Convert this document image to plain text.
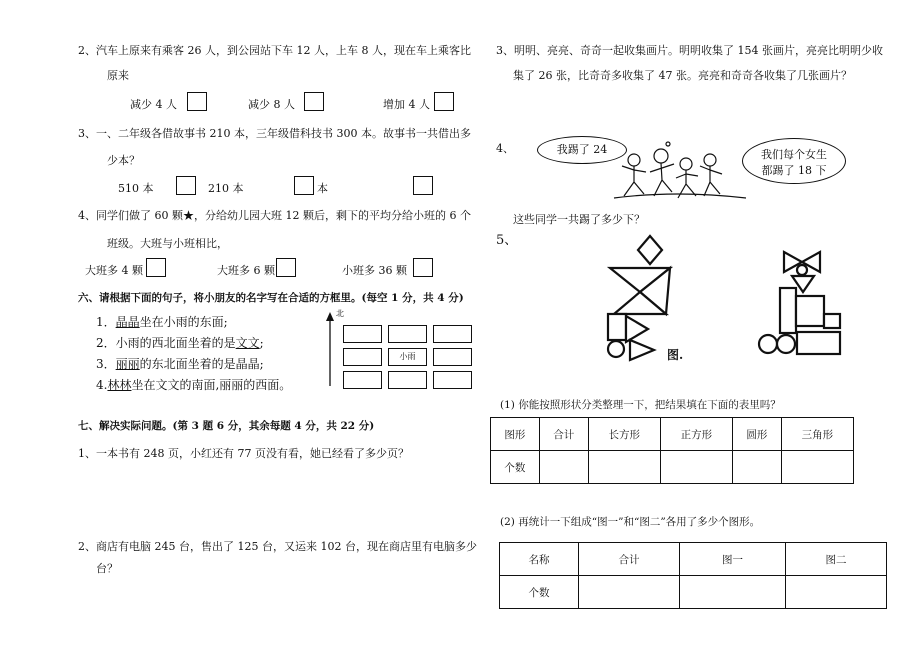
2、汽车上原来有乘客 26 人，到公园站下车 12 人，上车 8 人，现在车上乘客比
原来
减少 4 人	减少 8 人	增加 4 人
3、一、二年级各借故事书 210 本，三年级借科技书 300 本。故事书一共借出多
少本？
510 本	210 本	本
4、同学们做了 60 颗★，分给幼儿园大班 12 颗后，剩下的平均分给小班的 6 个
班级。大班与小班相比，
大班多 4 颗	大班多 6 颗	小班多 36 颗
六、请根据下面的句子，将小朋友的名字写在合适的方框里。(每空 1 分，共 4 分)
1．晶晶坐在小雨的东面;
2．小雨的西北面坐着的是文文;
3．丽丽的东北面坐着的是晶晶;
4.林林坐在文文的南面,丽丽的西面。
北
小雨
七、解决实际问题。(第 3 题 6 分，其余每题 4 分，共 22 分)
1、一本书有 248 页，小红还有 77 页没有看，她已经看了多少页？
2、商店有电脑 245 台，售出了 125 台，又运来 102 台，现在商店里有电脑多少
台？
3、明明、亮亮、奇奇一起收集画片。明明收集了 154 张画片，亮亮比明明少收
集了 26 张，比奇奇多收集了 47 张。亮亮和奇奇各收集了几张画片？
4、	我踢了 24	我们每个女生
都踢了 18 下
这些同学一共踢了多少下？
5、
图.
(1) 你能按照形状分类整理一下，把结果填在下面的表里吗？
图形	合计	长方形	正方形	圆形	三角形
个数					
(2) 再统计一下组成“图一”和“图二”各用了多少个图形。
名称	合计	图一	图二
个数			
